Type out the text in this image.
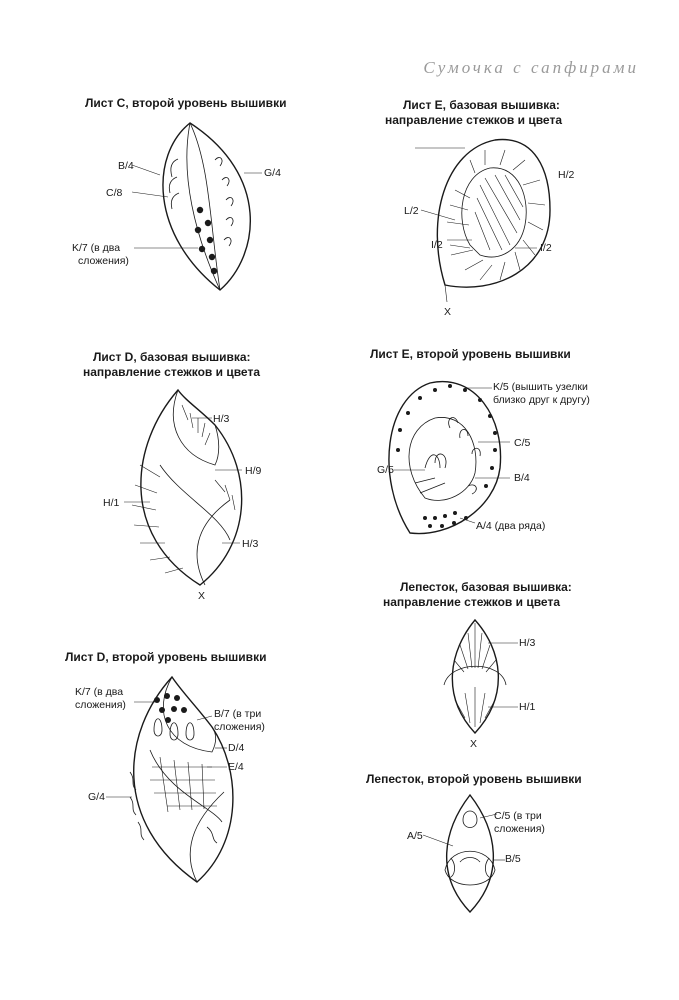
Сумочка с сапфирами
Лист C, второй уровень вышивки
B/4
G/4
C/8
K/7 (в два
сложения)
Лист E, базовая вышивка:
направление стежков и цвета
H/2
L/2
I/2	I/2
X
Лист D, базовая вышивка:
направление стежков и цвета
H/3
H/9
H/1
H/3
X
Лист E, второй уровень вышивки
K/5 (вышить узелки
близко друг к другу)
C/5
G/5
B/4
A/4 (два ряда)
Лепесток, базовая вышивка:
направление стежков и цвета
H/3
H/1
X
Лист D, второй уровень вышивки
K/7 (в два
сложения)
B/7 (в три
сложения)
D/4
E/4
G/4
Лепесток, второй уровень вышивки
C/5 (в три
сложения)
A/5
B/5
